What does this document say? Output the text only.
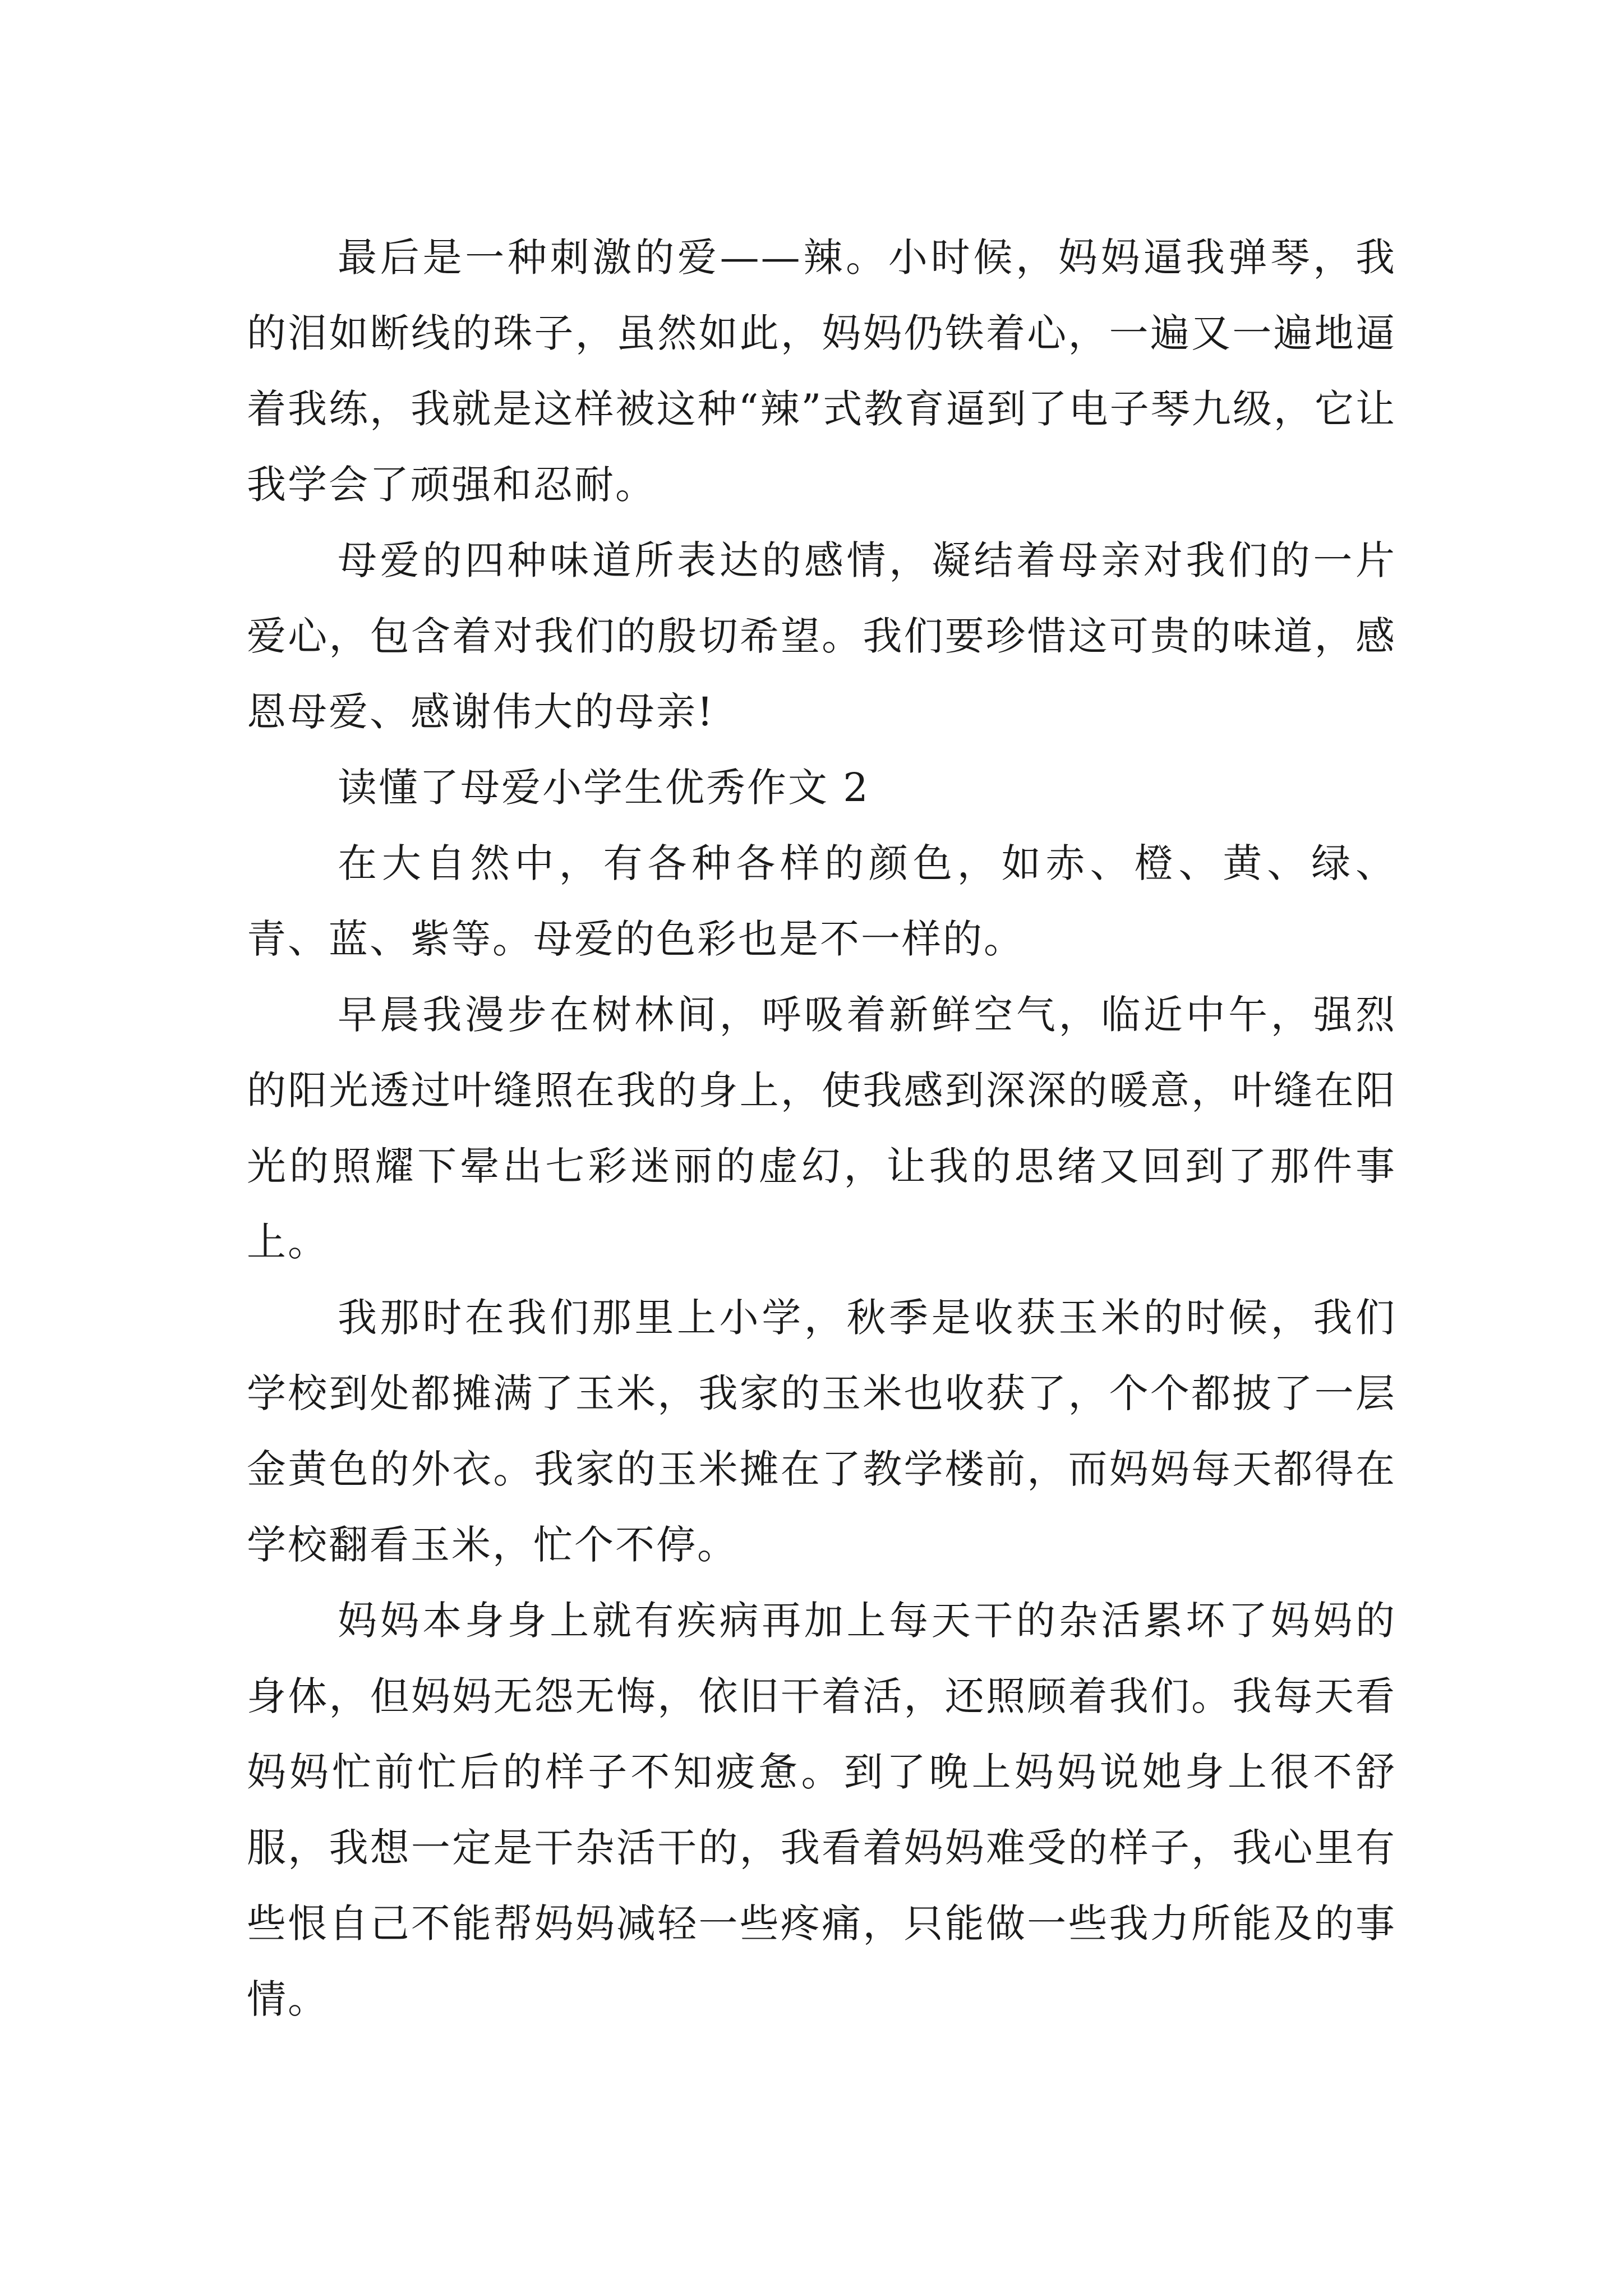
最后是一种刺激的爱——辣。小时候，妈妈逼我弹琴，我的泪如断线的珠子，虽然如此，妈妈仍铁着心，一遍又一遍地逼着我练，我就是这样被这种“辣”式教育逼到了电子琴九级，它让我学会了顽强和忍耐。

母爱的四种味道所表达的感情，凝结着母亲对我们的一片爱心，包含着对我们的殷切希望。我们要珍惜这可贵的味道，感恩母爱、感谢伟大的母亲!

读懂了母爱小学生优秀作文 2

在大自然中，有各种各样的颜色，如赤、橙、黄、绿、青、蓝、紫等。母爱的色彩也是不一样的。

早晨我漫步在树林间，呼吸着新鲜空气，临近中午，强烈的阳光透过叶缝照在我的身上，使我感到深深的暖意，叶缝在阳光的照耀下晕出七彩迷丽的虚幻，让我的思绪又回到了那件事上。

我那时在我们那里上小学，秋季是收获玉米的时候，我们学校到处都摊满了玉米，我家的玉米也收获了，个个都披了一层金黄色的外衣。我家的玉米摊在了教学楼前，而妈妈每天都得在学校翻看玉米，忙个不停。

妈妈本身身上就有疾病再加上每天干的杂活累坏了妈妈的身体，但妈妈无怨无悔，依旧干着活，还照顾着我们。我每天看妈妈忙前忙后的样子不知疲惫。到了晚上妈妈说她身上很不舒服，我想一定是干杂活干的，我看着妈妈难受的样子，我心里有些恨自己不能帮妈妈减轻一些疼痛，只能做一些我力所能及的事情。
